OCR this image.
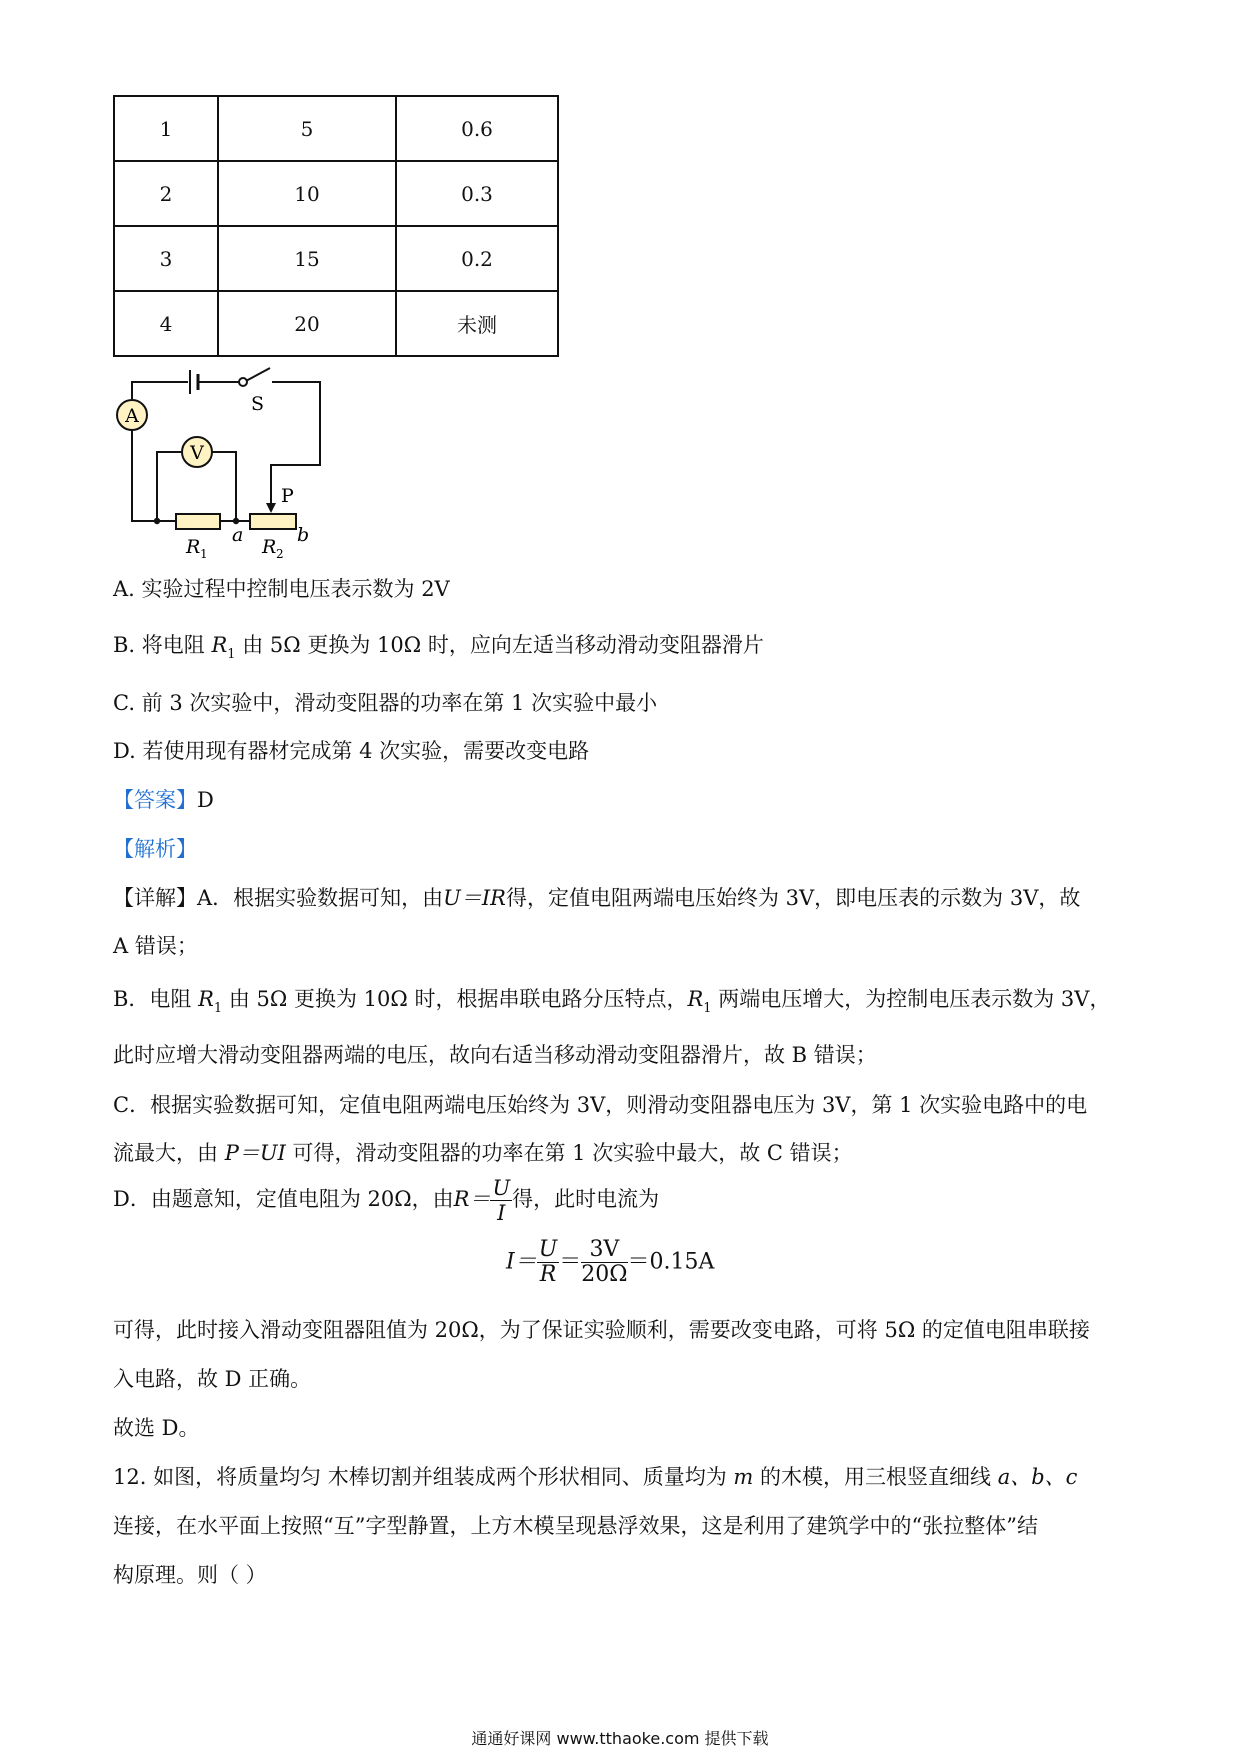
1	5	0.6
2	10	0.3
3	15	0.2
4	20	未测
A
V
S
P
R 1
a
R 2
b
A. 实验过程中控制电压表示数为 2V
B. 将电阻 $R_1$ 由 5Ω 更换为 10Ω 时，应向左适当移动滑动变阻器滑片
C. 前 3 次实验中，滑动变阻器的功率在第 1 次实验中最小
D. 若使用现有器材完成第 4 次实验，需要改变电路
【答案】D
【解析】
【详解】A．根据实验数据可知，由U＝IR得，定值电阻两端电压始终为 3V，即电压表的示数为 3V，故
A 错误；
B．电阻 $R_1$ 由 5Ω 更换为 10Ω 时，根据串联电路分压特点，$R_1$ 两端电压增大，为控制电压表示数为 3V，
此时应增大滑动变阻器两端的电压，故向右适当移动滑动变阻器滑片，故 B 错误；
C．根据实验数据可知，定值电阻两端电压始终为 3V，则滑动变阻器电压为 3V，第 1 次实验电路中的电
流最大，由 P＝UI 可得，滑动变阻器的功率在第 1 次实验中最大，故 C 错误；
D．由题意知，定值电阻为 20Ω，由$R= \frac{U}{I}$ 得，此时电流为
$I= \frac{U}{R} = \frac{3V}{20\Omega} =0.15A$
可得，此时接入滑动变阻器阻值为 20Ω，为了保证实验顺利，需要改变电路，可将 5Ω 的定值电阻串联接
入电路，故 D 正确。
故选 D。
12. 如图，将质量均匀 木棒切割并组装成两个形状相同、质量均为 m 的木模，用三根竖直细线 a、b、c
连接，在水平面上按照“互”字型静置，上方木模呈现悬浮效果，这是利用了建筑学中的“张拉整体”结
构原理。则（ ）
通通好课网 www.tthaoke.com 提供下载
